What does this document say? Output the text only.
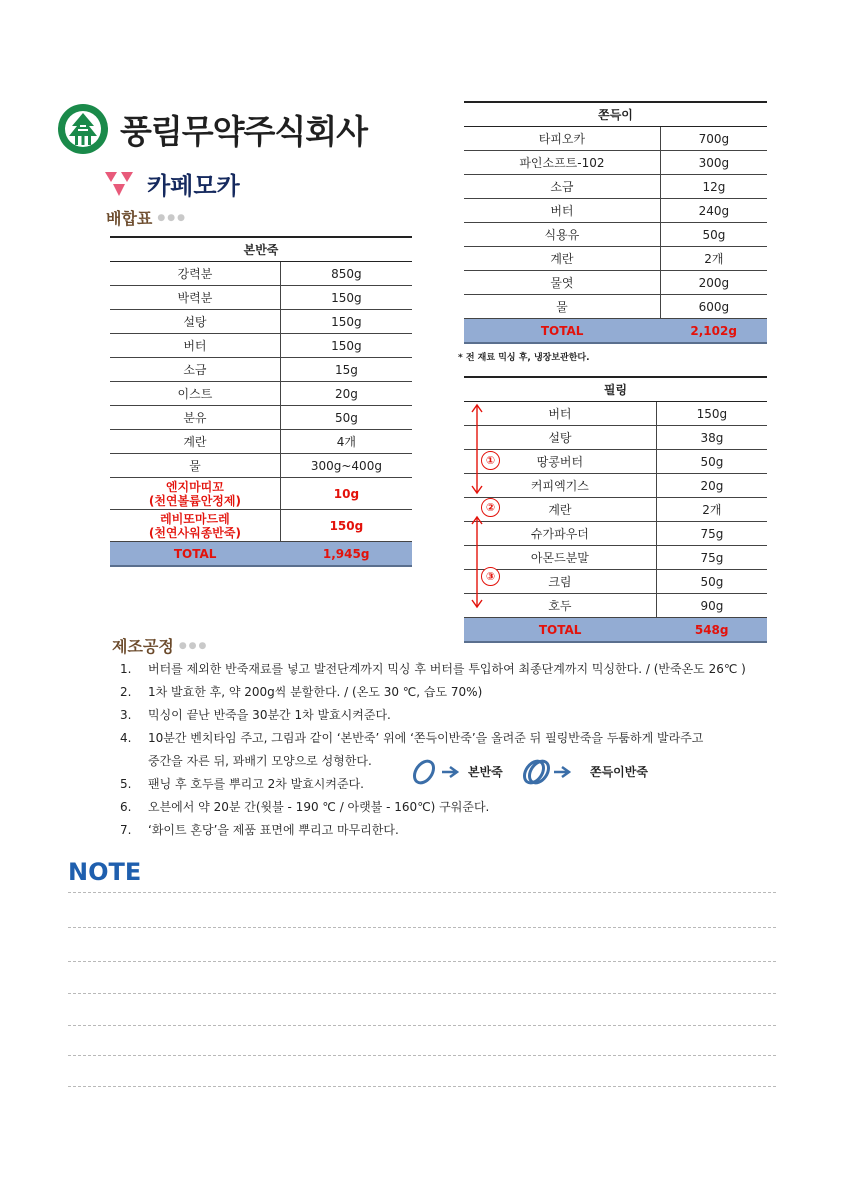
풍림무약주식회사
카페모카
배합표 ●●●
본반죽	
강력분	850g
박력분	150g
설탕	150g
버터	150g
소금	15g
이스트	20g
분유	50g
계란	4개
물	300g~400g

엔지마띠꼬
(천연볼륨안정제)	10g

레비또마드레
(천연사워종반죽)	150g
TOTAL	1,945g
쫀득이	
타피오카	700g
파인소프트-102	300g
소금	12g
버터	240g
식용유	50g
계란	2개
물엿	200g
물	600g
TOTAL	2,102g
* 전 재료 믹싱 후, 냉장보관한다.
필링	
버터	150g
설탕	38g
땅콩버터	50g
커피엑기스	20g
계란	2개
슈가파우더	75g
아몬드분말	75g
크림	50g
호두	90g
TOTAL	548g
①
②
③
제조공정 ●●●
1.	버터를 제외한 반죽재료를 넣고 발전단계까지 믹싱 후 버터를 투입하여 최종단계까지 믹싱한다. / (반죽온도 26℃ )
2.	1차 발효한 후, 약 200g씩 분할한다. / (온도 30 ℃, 습도 70%)
3.	믹싱이 끝난 반죽을 30분간 1차 발효시켜준다.
4.	10분간 벤치타임 주고, 그림과 같이 ‘본반죽’ 위에 ‘쫀득이반죽’을 올려준 뒤 필링반죽을 두툼하게 발라주고
중간을 자른 뒤, 꽈배기 모양으로 성형한다.
5.	팬닝 후 호두를 뿌리고 2차 발효시켜준다.
6.	오븐에서 약 20분 간(윗불 - 190 ℃ / 아랫불 - 160℃) 구워준다.
7.	‘화이트 혼당’을 제품 표면에 뿌리고 마무리한다.
본반죽	쫀득이반죽
NOTE
